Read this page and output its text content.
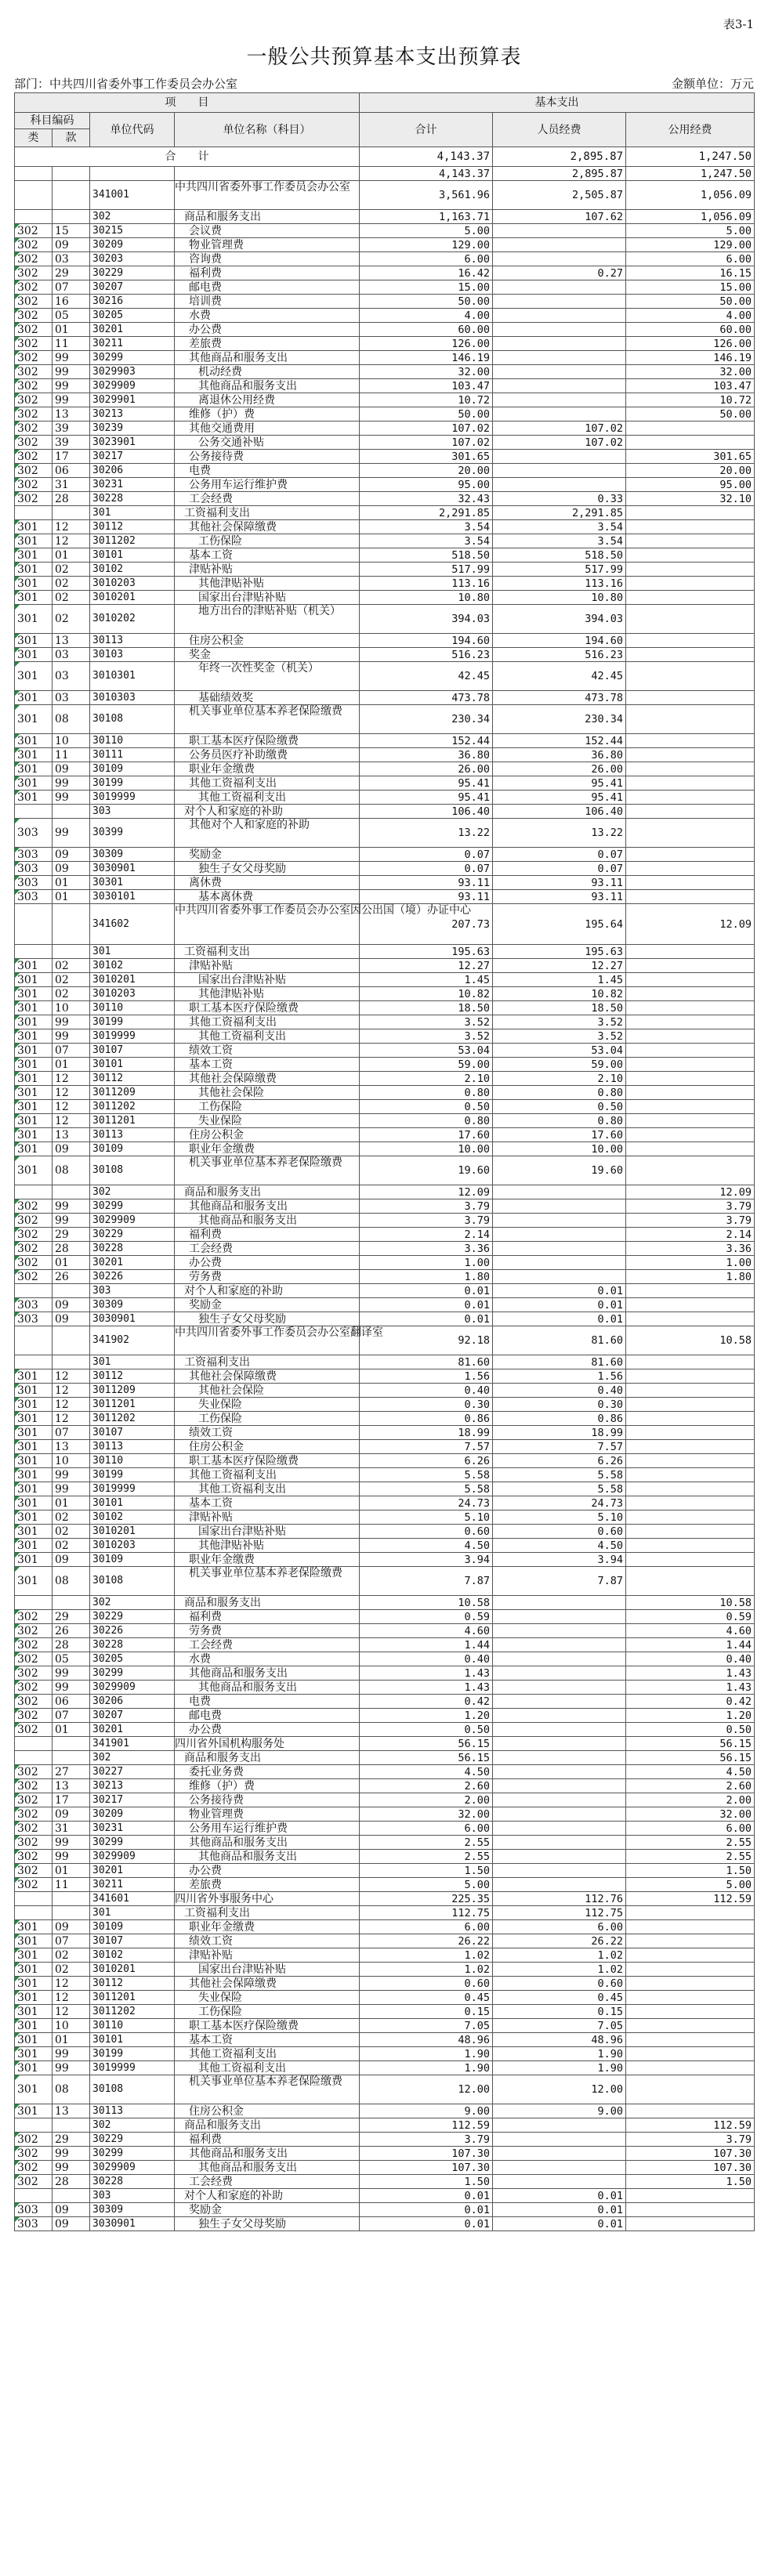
表3-1
一般公共预算基本支出预算表
部门：中共四川省委外事工作委员会办公室	金额单位：万元
项　　目				基本支出		
科目编码		单位代码	单位名称（科目）	合计	人员经费	公用经费
类	款					
合　　计				4,143.37	2,895.87	1,247.50
				4,143.37	2,895.87	1,247.50
		341001	中共四川省委外事工作委员会办公室	3,561.96	2,505.87	1,056.09
		302	商品和服务支出	1,163.71	107.62	1,056.09

302	15	30215	会议费	5.00		5.00

302	09	30209	物业管理费	129.00		129.00

302	03	30203	咨询费	6.00		6.00

302	29	30229	福利费	16.42	0.27	16.15

302	07	30207	邮电费	15.00		15.00

302	16	30216	培训费	50.00		50.00

302	05	30205	水费	4.00		4.00

302	01	30201	办公费	60.00		60.00

302	11	30211	差旅费	126.00		126.00

302	99	30299	其他商品和服务支出	146.19		146.19

302	99	3029903	机动经费	32.00		32.00

302	99	3029909	其他商品和服务支出	103.47		103.47

302	99	3029901	离退休公用经费	10.72		10.72

302	13	30213	维修（护）费	50.00		50.00

302	39	30239	其他交通费用	107.02	107.02	

302	39	3023901	公务交通补贴	107.02	107.02	

302	17	30217	公务接待费	301.65		301.65

302	06	30206	电费	20.00		20.00

302	31	30231	公务用车运行维护费	95.00		95.00

302	28	30228	工会经费	32.43	0.33	32.10
		301	工资福利支出	2,291.85	2,291.85	

301	12	30112	其他社会保障缴费	3.54	3.54	

301	12	3011202	工伤保险	3.54	3.54	

301	01	30101	基本工资	518.50	518.50	

301	02	30102	津贴补贴	517.99	517.99	

301	02	3010203	其他津贴补贴	113.16	113.16	

301	02	3010201	国家出台津贴补贴	10.80	10.80	

301	02	3010202	地方出台的津贴补贴（机关）	394.03	394.03	

301	13	30113	住房公积金	194.60	194.60	

301	03	30103	奖金	516.23	516.23	

301	03	3010301	年终一次性奖金（机关）	42.45	42.45	

301	03	3010303	基础绩效奖	473.78	473.78	

301	08	30108	机关事业单位基本养老保险缴费	230.34	230.34	

301	10	30110	职工基本医疗保险缴费	152.44	152.44	

301	11	30111	公务员医疗补助缴费	36.80	36.80	

301	09	30109	职业年金缴费	26.00	26.00	

301	99	30199	其他工资福利支出	95.41	95.41	

301	99	3019999	其他工资福利支出	95.41	95.41	
		303	对个人和家庭的补助	106.40	106.40	

303	99	30399	其他对个人和家庭的补助	13.22	13.22	

303	09	30309	奖励金	0.07	0.07	

303	09	3030901	独生子女父母奖励	0.07	0.07	

303	01	30301	离休费	93.11	93.11	

303	01	3030101	基本离休费	93.11	93.11	
		341602	中共四川省委外事工作委员会办公室因公出国（境）办证中心	207.73	195.64	12.09
		301	工资福利支出	195.63	195.63	

301	02	30102	津贴补贴	12.27	12.27	

301	02	3010201	国家出台津贴补贴	1.45	1.45	

301	02	3010203	其他津贴补贴	10.82	10.82	

301	10	30110	职工基本医疗保险缴费	18.50	18.50	

301	99	30199	其他工资福利支出	3.52	3.52	

301	99	3019999	其他工资福利支出	3.52	3.52	

301	07	30107	绩效工资	53.04	53.04	

301	01	30101	基本工资	59.00	59.00	

301	12	30112	其他社会保障缴费	2.10	2.10	

301	12	3011209	其他社会保险	0.80	0.80	

301	12	3011202	工伤保险	0.50	0.50	

301	12	3011201	失业保险	0.80	0.80	

301	13	30113	住房公积金	17.60	17.60	

301	09	30109	职业年金缴费	10.00	10.00	

301	08	30108	机关事业单位基本养老保险缴费	19.60	19.60	
		302	商品和服务支出	12.09		12.09

302	99	30299	其他商品和服务支出	3.79		3.79

302	99	3029909	其他商品和服务支出	3.79		3.79

302	29	30229	福利费	2.14		2.14

302	28	30228	工会经费	3.36		3.36

302	01	30201	办公费	1.00		1.00

302	26	30226	劳务费	1.80		1.80
		303	对个人和家庭的补助	0.01	0.01	

303	09	30309	奖励金	0.01	0.01	

303	09	3030901	独生子女父母奖励	0.01	0.01	
		341902	中共四川省委外事工作委员会办公室翻译室	92.18	81.60	10.58
		301	工资福利支出	81.60	81.60	

301	12	30112	其他社会保障缴费	1.56	1.56	

301	12	3011209	其他社会保险	0.40	0.40	

301	12	3011201	失业保险	0.30	0.30	

301	12	3011202	工伤保险	0.86	0.86	

301	07	30107	绩效工资	18.99	18.99	

301	13	30113	住房公积金	7.57	7.57	

301	10	30110	职工基本医疗保险缴费	6.26	6.26	

301	99	30199	其他工资福利支出	5.58	5.58	

301	99	3019999	其他工资福利支出	5.58	5.58	

301	01	30101	基本工资	24.73	24.73	

301	02	30102	津贴补贴	5.10	5.10	

301	02	3010201	国家出台津贴补贴	0.60	0.60	

301	02	3010203	其他津贴补贴	4.50	4.50	

301	09	30109	职业年金缴费	3.94	3.94	

301	08	30108	机关事业单位基本养老保险缴费	7.87	7.87	
		302	商品和服务支出	10.58		10.58

302	29	30229	福利费	0.59		0.59

302	26	30226	劳务费	4.60		4.60

302	28	30228	工会经费	1.44		1.44

302	05	30205	水费	0.40		0.40

302	99	30299	其他商品和服务支出	1.43		1.43

302	99	3029909	其他商品和服务支出	1.43		1.43

302	06	30206	电费	0.42		0.42

302	07	30207	邮电费	1.20		1.20

302	01	30201	办公费	0.50		0.50
		341901	四川省外国机构服务处	56.15		56.15
		302	商品和服务支出	56.15		56.15

302	27	30227	委托业务费	4.50		4.50

302	13	30213	维修（护）费	2.60		2.60

302	17	30217	公务接待费	2.00		2.00

302	09	30209	物业管理费	32.00		32.00

302	31	30231	公务用车运行维护费	6.00		6.00

302	99	30299	其他商品和服务支出	2.55		2.55

302	99	3029909	其他商品和服务支出	2.55		2.55

302	01	30201	办公费	1.50		1.50

302	11	30211	差旅费	5.00		5.00
		341601	四川省外事服务中心	225.35	112.76	112.59
		301	工资福利支出	112.75	112.75	

301	09	30109	职业年金缴费	6.00	6.00	

301	07	30107	绩效工资	26.22	26.22	

301	02	30102	津贴补贴	1.02	1.02	

301	02	3010201	国家出台津贴补贴	1.02	1.02	

301	12	30112	其他社会保障缴费	0.60	0.60	

301	12	3011201	失业保险	0.45	0.45	

301	12	3011202	工伤保险	0.15	0.15	

301	10	30110	职工基本医疗保险缴费	7.05	7.05	

301	01	30101	基本工资	48.96	48.96	

301	99	30199	其他工资福利支出	1.90	1.90	

301	99	3019999	其他工资福利支出	1.90	1.90	

301	08	30108	机关事业单位基本养老保险缴费	12.00	12.00	

301	13	30113	住房公积金	9.00	9.00	
		302	商品和服务支出	112.59		112.59

302	29	30229	福利费	3.79		3.79

302	99	30299	其他商品和服务支出	107.30		107.30

302	99	3029909	其他商品和服务支出	107.30		107.30

302	28	30228	工会经费	1.50		1.50
		303	对个人和家庭的补助	0.01	0.01	

303	09	30309	奖励金	0.01	0.01	

303	09	3030901	独生子女父母奖励	0.01	0.01	
